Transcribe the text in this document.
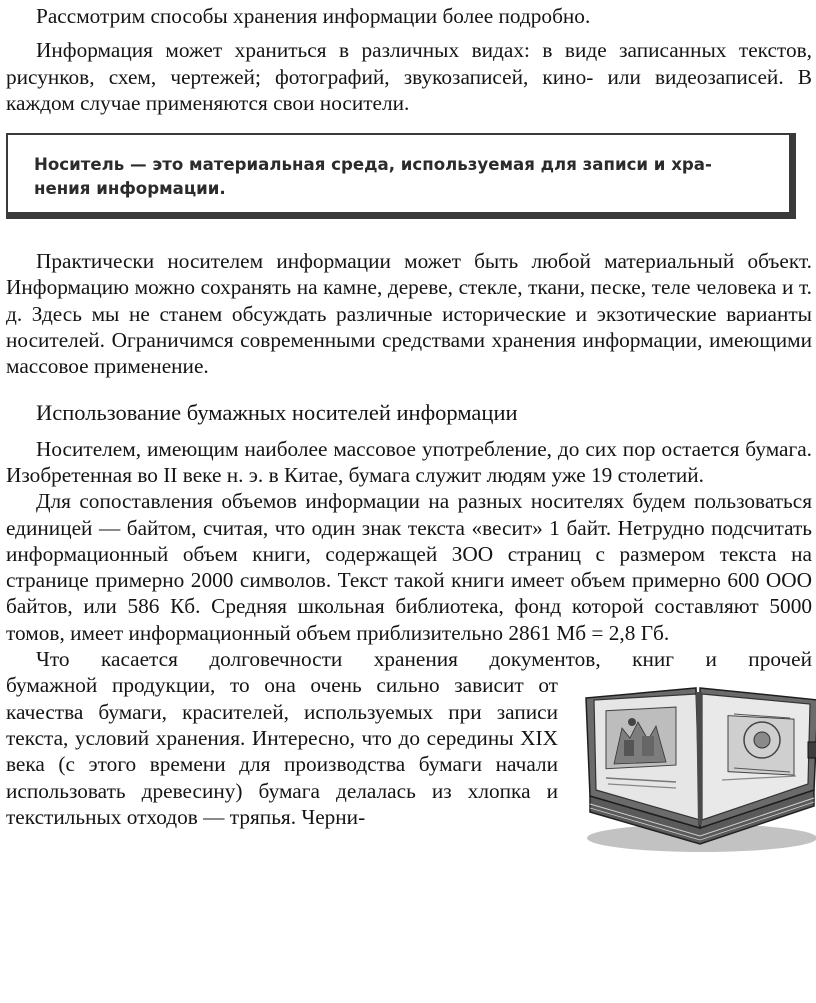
Рассмотрим способы хранения информации более подробно.

Информация может храниться в различных видах: в виде записанных текстов, рисунков, схем, чертежей; фотографий, звукозаписей, кино- или видеозаписей. В каждом случае применяются свои носители.

Носитель — это материальная среда, используемая для записи и хра- нения информации.

Практически носителем информации может быть любой материальный объект. Информацию можно сохранять на камне, дереве, стекле, ткани, песке, теле человека и т. д. Здесь мы не станем обсуждать различные исторические и экзотические варианты носителей. Ограничимся современными средствами хранения информации, имеющими массовое применение.

Использование бумажных носителей информации

Носителем, имеющим наиболее массовое употребление, до сих пор остается бумага. Изобретенная во II веке н. э. в Китае, бумага служит людям уже 19 столетий.

Для сопоставления объемов информации на разных носителях будем пользоваться единицей — байтом, считая, что один знак текста «весит» 1 байт. Нетрудно подсчитать информационный объем книги, содержащей ЗОО страниц с размером текста на странице примерно 2000 символов. Текст такой книги имеет объем примерно 600 ООО байтов, или 586 Кб. Средняя школьная библиотека, фонд которой составляют 5000 томов, имеет информационный объем приблизительно 2861 Мб = 2,8 Гб.

Что касается долговечности хранения документов, книг и прочей

бумажной продукции, то она очень сильно зависит от качества бумаги, красителей, используемых при записи текста, условий хранения. Интересно, что до середины XIX века (с этого времени для производства бумаги начали использовать древесину) бумага делалась из хлопка и текстильных отходов — тряпья. Черни-
